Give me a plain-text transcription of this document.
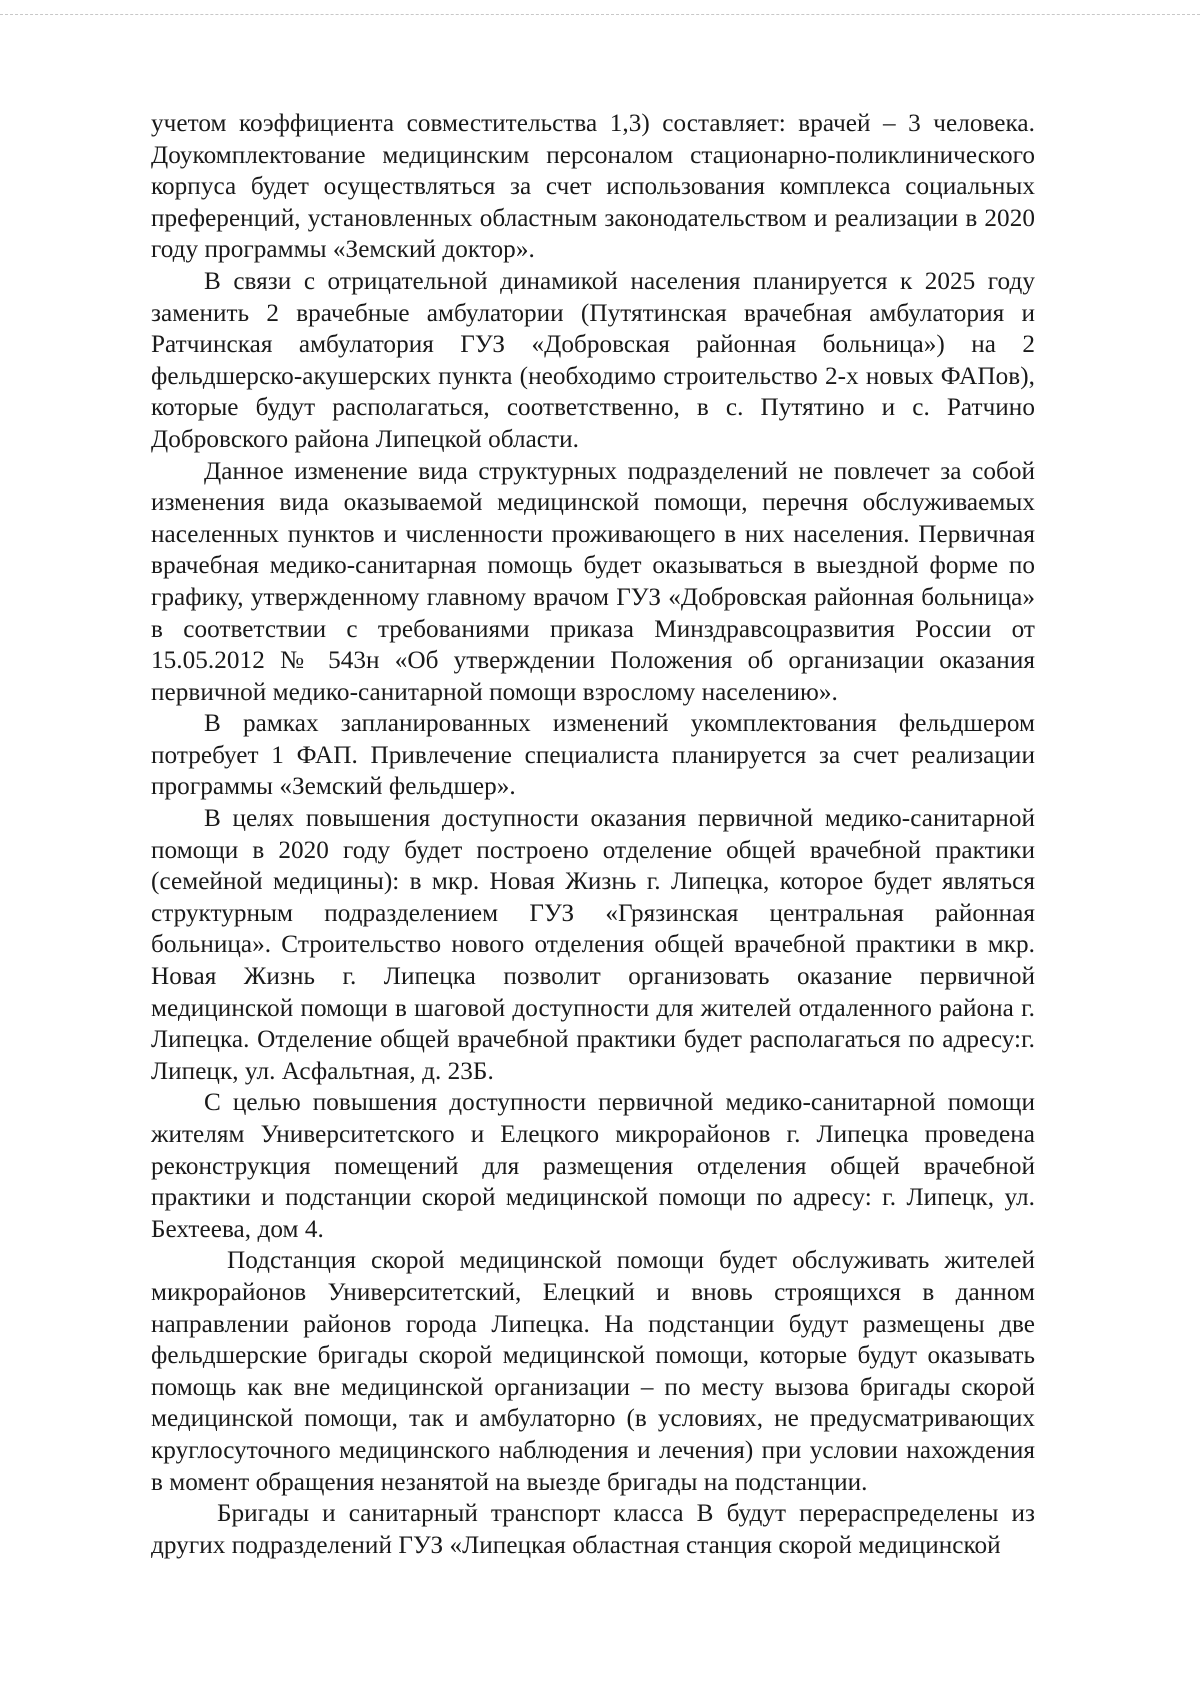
учетом коэффициента совместительства 1,3) составляет: врачей – 3 человека. Доукомплектование медицинским персоналом стационарно-поликлинического корпуса будет осуществляться за счет использования комплекса социальных преференций, установленных областным законодательством и реализации в 2020 году программы «Земский доктор».

В связи с отрицательной динамикой населения планируется к 2025 году заменить 2 врачебные амбулатории (Путятинская врачебная амбулатория и Ратчинская амбулатория ГУЗ «Добровская районная больница») на 2 фельдшерско-акушерских пункта (необходимо строительство 2-х новых ФАПов), которые будут располагаться, соответственно, в с. Путятино и с. Ратчино Добровского района Липецкой области.

Данное изменение вида структурных подразделений не повлечет за собой изменения вида оказываемой медицинской помощи, перечня обслуживаемых населенных пунктов и численности проживающего в них населения. Первичная врачебная медико-санитарная помощь будет оказываться в выездной форме по графику, утвержденному главному врачом ГУЗ «Добровская районная больница» в соответствии с требованиями приказа Минздравсоцразвития России от 15.05.2012 № 543н «Об утверждении Положения об организации оказания первичной медико-санитарной помощи взрослому населению».

В рамках запланированных изменений укомплектования фельдшером потребует 1 ФАП. Привлечение специалиста планируется за счет реализации программы «Земский фельдшер».

В целях повышения доступности оказания первичной медико-санитарной помощи в 2020 году будет построено отделение общей врачебной практики (семейной медицины): в мкр. Новая Жизнь г. Липецка, которое будет являться структурным подразделением ГУЗ «Грязинская центральная районная больница». Строительство нового отделения общей врачебной практики в мкр. Новая Жизнь г. Липецка позволит организовать оказание первичной медицинской помощи в шаговой доступности для жителей отдаленного района г. Липецка. Отделение общей врачебной практики будет располагаться по адресу:г. Липецк, ул. Асфальтная, д. 23Б.

С целью повышения доступности первичной медико-санитарной помощи жителям Университетского и Елецкого микрорайонов г. Липецка проведена реконструкция помещений для размещения отделения общей врачебной практики и подстанции скорой медицинской помощи по адресу: г. Липецк, ул. Бехтеева, дом 4.

Подстанция скорой медицинской помощи будет обслуживать жителей микрорайонов Университетский, Елецкий и вновь строящихся в данном направлении районов города Липецка. На подстанции будут размещены две фельдшерские бригады скорой медицинской помощи, которые будут оказывать помощь как вне медицинской организации – по месту вызова бригады скорой медицинской помощи, так и амбулаторно (в условиях, не предусматривающих круглосуточного медицинского наблюдения и лечения) при условии нахождения в момент обращения незанятой на выезде бригады на подстанции.

Бригады и санитарный транспорт класса В будут перераспределены из других подразделений ГУЗ «Липецкая областная станция скорой медицинской
